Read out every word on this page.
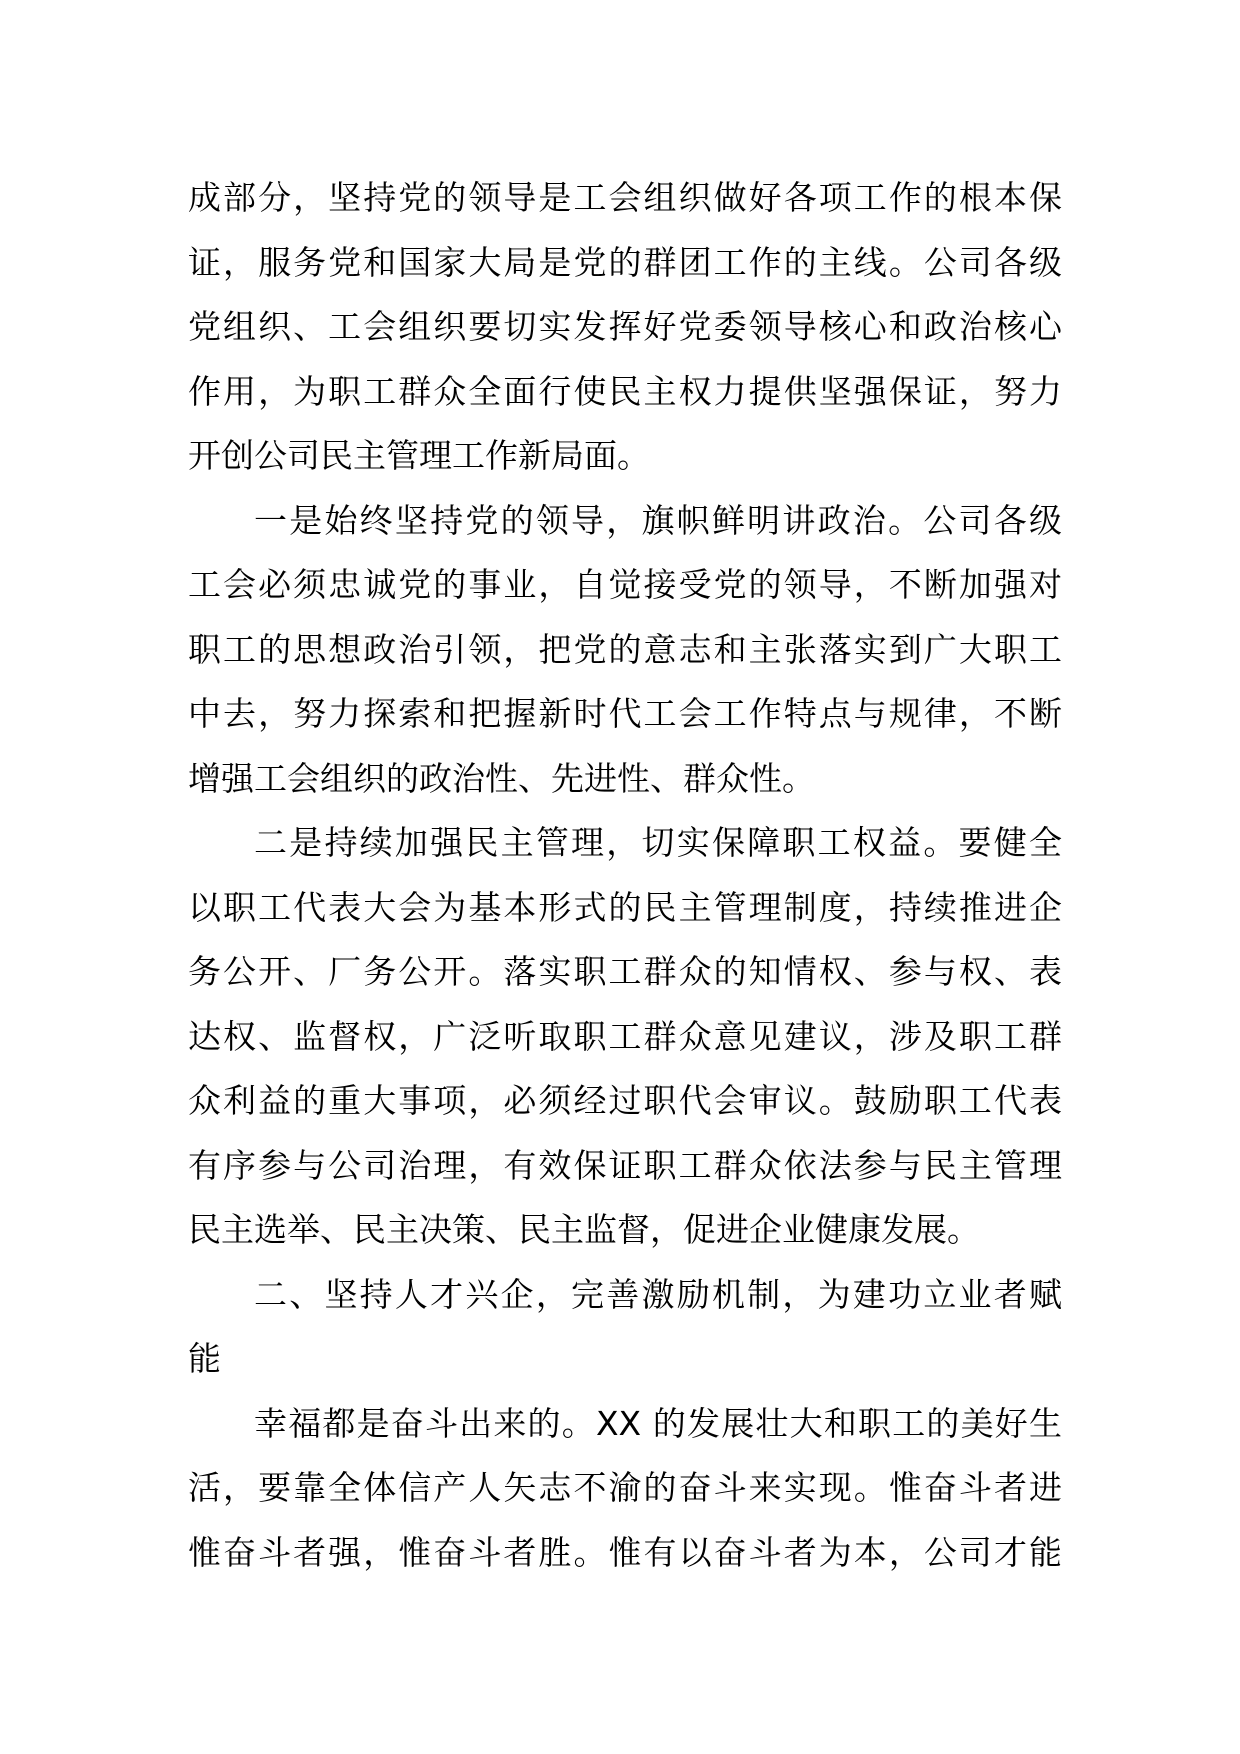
成部分，坚持党的领导是工会组织做好各项工作的根本保
证，服务党和国家大局是党的群团工作的主线。公司各级
党组织、工会组织要切实发挥好党委领导核心和政治核心
作用，为职工群众全面行使民主权力提供坚强保证，努力
开创公司民主管理工作新局面。
一是始终坚持党的领导，旗帜鲜明讲政治。公司各级
工会必须忠诚党的事业，自觉接受党的领导，不断加强对
职工的思想政治引领，把党的意志和主张落实到广大职工
中去，努力探索和把握新时代工会工作特点与规律，不断
增强工会组织的政治性、先进性、群众性。
二是持续加强民主管理，切实保障职工权益。要健全
以职工代表大会为基本形式的民主管理制度，持续推进企
务公开、厂务公开。落实职工群众的知情权、参与权、表
达权、监督权，广泛听取职工群众意见建议，涉及职工群
众利益的重大事项，必须经过职代会审议。鼓励职工代表
有序参与公司治理，有效保证职工群众依法参与民主管理
民主选举、民主决策、民主监督，促进企业健康发展。
二、坚持人才兴企，完善激励机制，为建功立业者赋
能
幸福都是奋斗出来的。XX 的发展壮大和职工的美好生
活，要靠全体信产人矢志不渝的奋斗来实现。惟奋斗者进
惟奋斗者强，惟奋斗者胜。惟有以奋斗者为本，公司才能
